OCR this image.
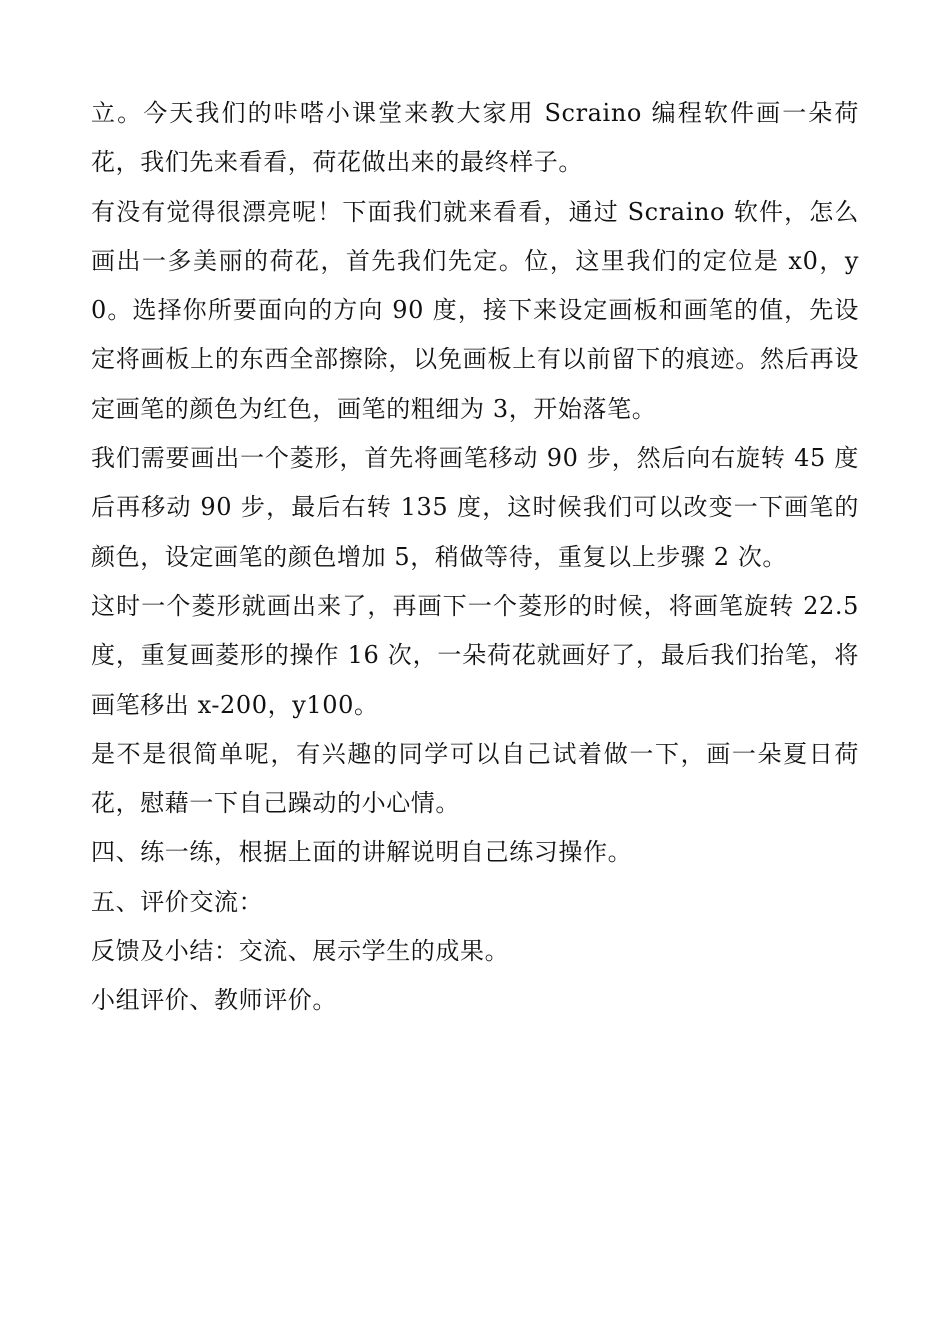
立。今天我们的咔嗒小课堂来教大家用 Scraino 编程软件画一朵荷花，我们先来看看，荷花做出来的最终样子。

有没有觉得很漂亮呢！下面我们就来看看，通过 Scraino 软件，怎么画出一多美丽的荷花，首先我们先定。位，这里我们的定位是 x0，y0。选择你所要面向的方向 90 度，接下来设定画板和画笔的值，先设定将画板上的东西全部擦除，以免画板上有以前留下的痕迹。然后再设定画笔的颜色为红色，画笔的粗细为 3，开始落笔。

我们需要画出一个菱形，首先将画笔移动 90 步，然后向右旋转 45 度后再移动 90 步，最后右转 135 度，这时候我们可以改变一下画笔的颜色，设定画笔的颜色增加 5，稍做等待，重复以上步骤 2 次。

这时一个菱形就画出来了，再画下一个菱形的时候，将画笔旋转 22.5 度，重复画菱形的操作 16 次，一朵荷花就画好了，最后我们抬笔，将画笔移出 x-200，y100。

是不是很简单呢，有兴趣的同学可以自己试着做一下，画一朵夏日荷花，慰藉一下自己躁动的小心情。

四、练一练，根据上面的讲解说明自己练习操作。

五、评价交流：

反馈及小结：交流、展示学生的成果。

小组评价、教师评价。
